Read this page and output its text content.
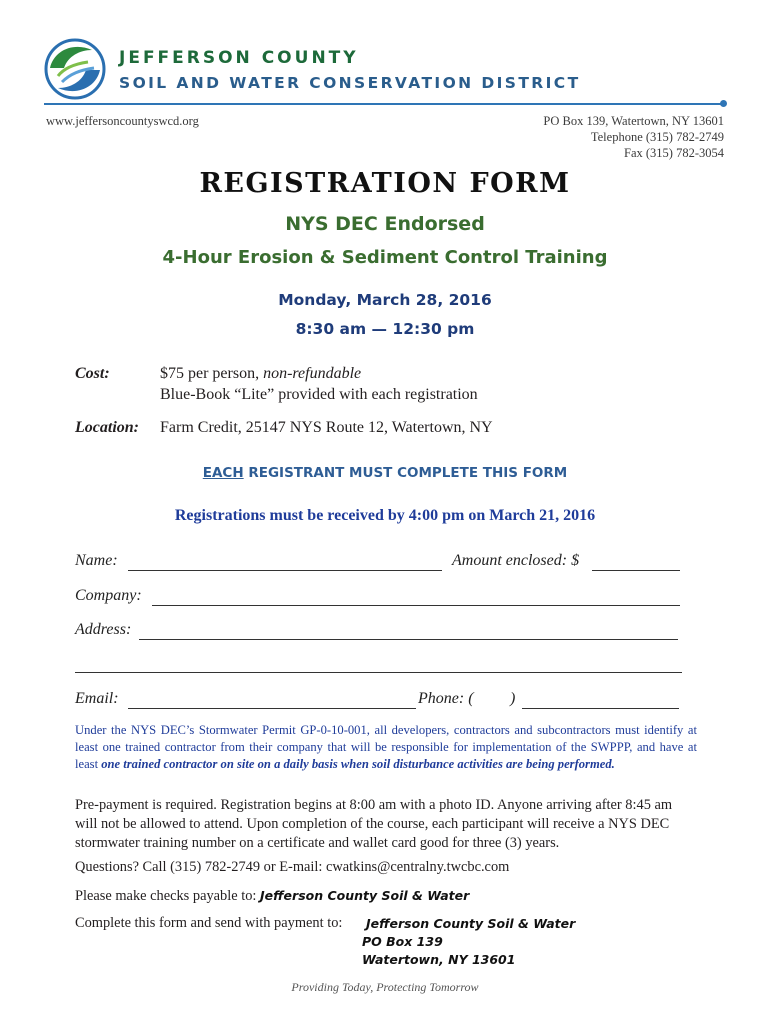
JEFFERSON COUNTY
SOIL AND WATER CONSERVATION DISTRICT
www.jeffersoncountyswcd.org	PO Box 139, Watertown, NY 13601
Telephone (315) 782-2749
Fax (315) 782-3054
REGISTRATION FORM
NYS DEC Endorsed
4-Hour Erosion & Sediment Control Training
Monday, March 28, 2016
8:30 am — 12:30 pm
Cost:	$75 per person, non-refundable
Blue-Book “Lite” provided with each registration
Location: Farm Credit, 25147 NYS Route 12, Watertown, NY
EACH REGISTRANT MUST COMPLETE THIS FORM
Registrations must be received by 4:00 pm on March 21, 2016
Name:	Amount enclosed: $
Company:
Address:
Email:	Phone: ( )
Under the NYS DEC’s Stormwater Permit GP-0-10-001, all developers, contractors and subcontractors must identify at least one trained contractor from their company that will be responsible for implementation of the SWPPP, and have at least one trained contractor on site on a daily basis when soil disturbance activities are being performed.
Pre-payment is required. Registration begins at 8:00 am with a photo ID. Anyone arriving after 8:45 am will not be allowed to attend. Upon completion of the course, each participant will receive a NYS DEC stormwater training number on a certificate and wallet card good for three (3) years.
Questions? Call (315) 782-2749 or E-mail: cwatkins@centralny.twcbc.com
Please make checks payable to: Jefferson County Soil & Water
Complete this form and send with payment to:	Jefferson County Soil & Water
PO Box 139
Watertown, NY 13601
Providing Today, Protecting Tomorrow
